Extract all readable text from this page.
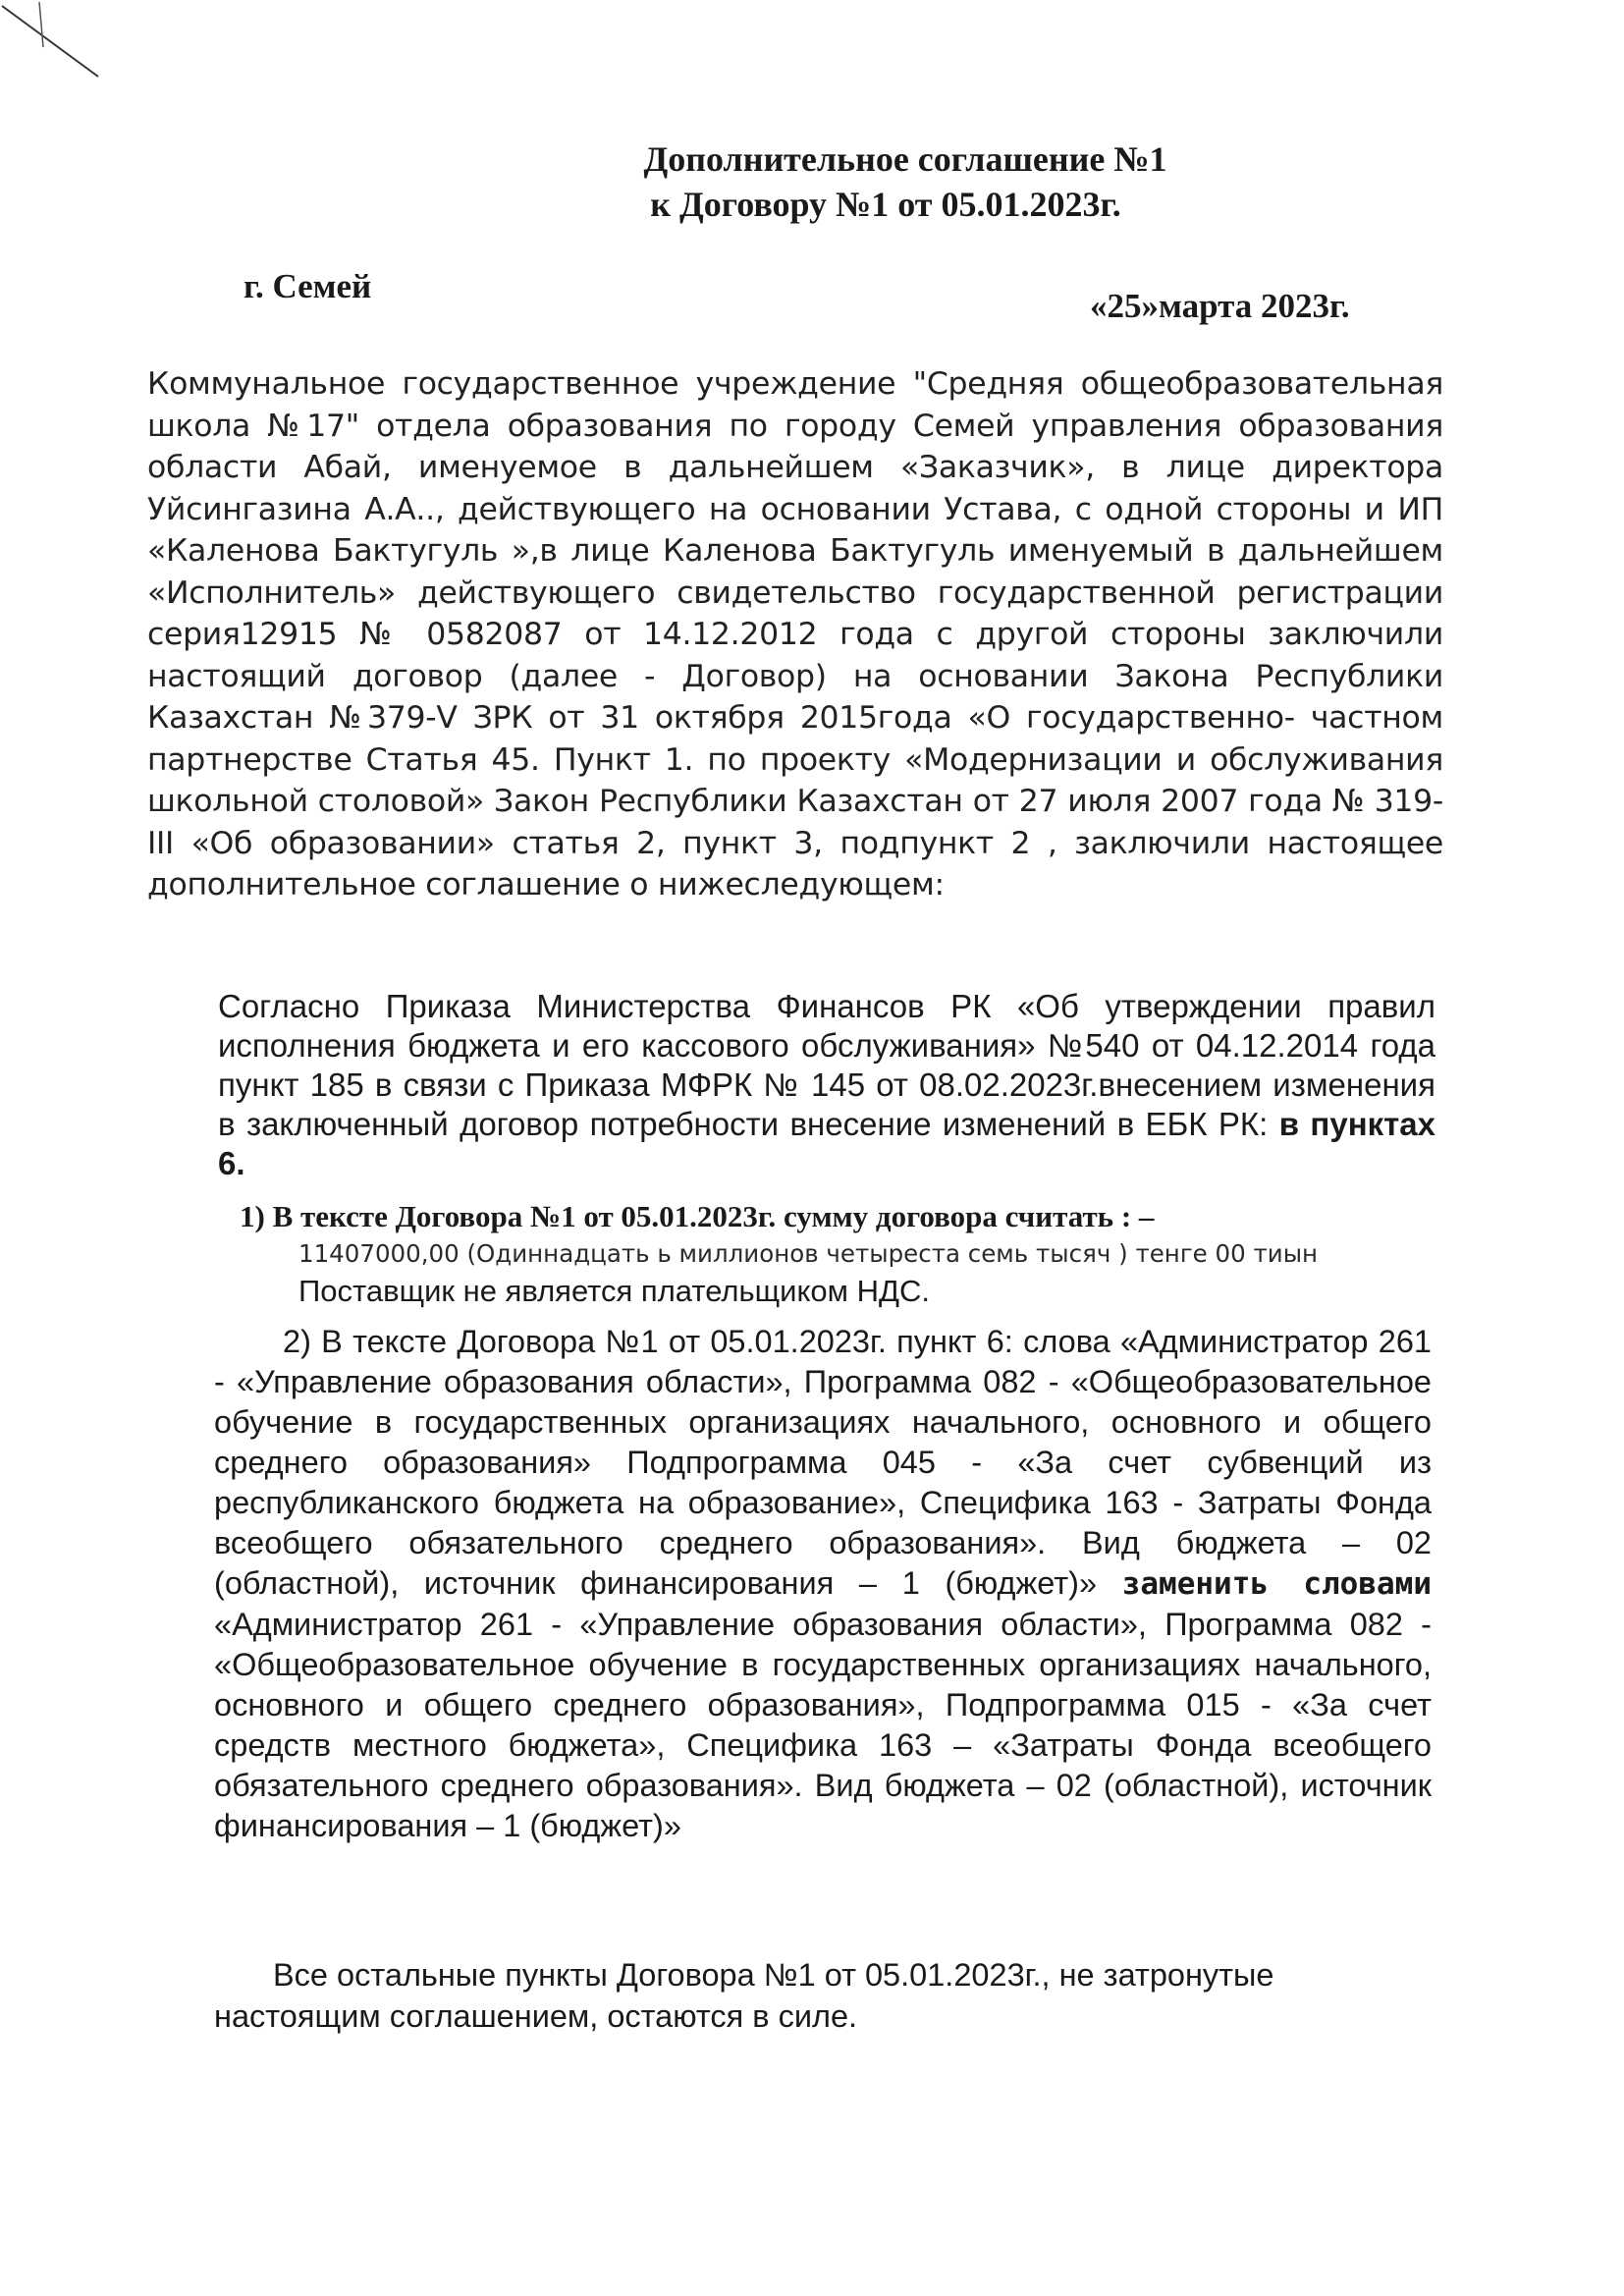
Дополнительное соглашение №1
к Договору №1 от 05.01.2023г.
г. Семей
«25»марта 2023г.
Коммунальное государственное учреждение "Средняя общеобразовательная школа №17" отдела образования по городу Семей управления образования области Абай, именуемое в дальнейшем «Заказчик», в лице директора Уйсингазина А.А.., действующего на основании Устава, с одной стороны и ИП «Каленова Бактугуль »,в лице Каленова Бактугуль именуемый в дальнейшем «Исполнитель» действующего свидетельство государственной регистрации серия12915 № 0582087 от 14.12.2012 года с другой стороны заключили настоящий договор (далее - Договор) на основании Закона Республики Казахстан №379-V ЗРК от 31 октября 2015года «О государственно- частном партнерстве Статья 45. Пункт 1. по проекту «Модернизации и обслуживания школьной столовой» Закон Республики Казахстан от 27 июля 2007 года № 319-III «Об образовании» статья 2, пункт 3, подпункт 2 , заключили настоящее дополнительное соглашение о нижеследующем:
Согласно Приказа Министерства Финансов РК «Об утверждении правил исполнения бюджета и его кассового обслуживания» №540 от 04.12.2014 года пункт 185 в связи с Приказа МФРК № 145 от 08.02.2023г.внесением изменения в заключенный договор потребности внесение изменений в ЕБК РК: в пунктах 6.
1) В тексте Договора №1 от 05.01.2023г. сумму договора считать : –
11407000,00 (Одиннадцать ь миллионов четыреста семь тысяч ) тенге 00 тиын
Поставщик не является плательщиком НДС.
2) В тексте Договора №1 от 05.01.2023г. пункт 6: слова «Администратор 261 - «Управление образования области», Программа 082 - «Общеобразовательное обучение в государственных организациях начального, основного и общего среднего образования» Подпрограмма 045 - «За счет субвенций из республиканского бюджета на образование», Специфика 163 - Затраты Фонда всеобщего обязательного среднего образования». Вид бюджета – 02 (областной), источник финансирования – 1 (бюджет)» заменить словами «Администратор 261 - «Управление образования области», Программа 082 - «Общеобразовательное обучение в государственных организациях начального, основного и общего среднего образования», Подпрограмма 015 - «За счет средств местного бюджета», Специфика 163 – «Затраты Фонда всеобщего обязательного среднего образования». Вид бюджета – 02 (областной), источник финансирования – 1 (бюджет)»
Все остальные пункты Договора №1 от 05.01.2023г., не затронутые настоящим соглашением, остаются в силе.
